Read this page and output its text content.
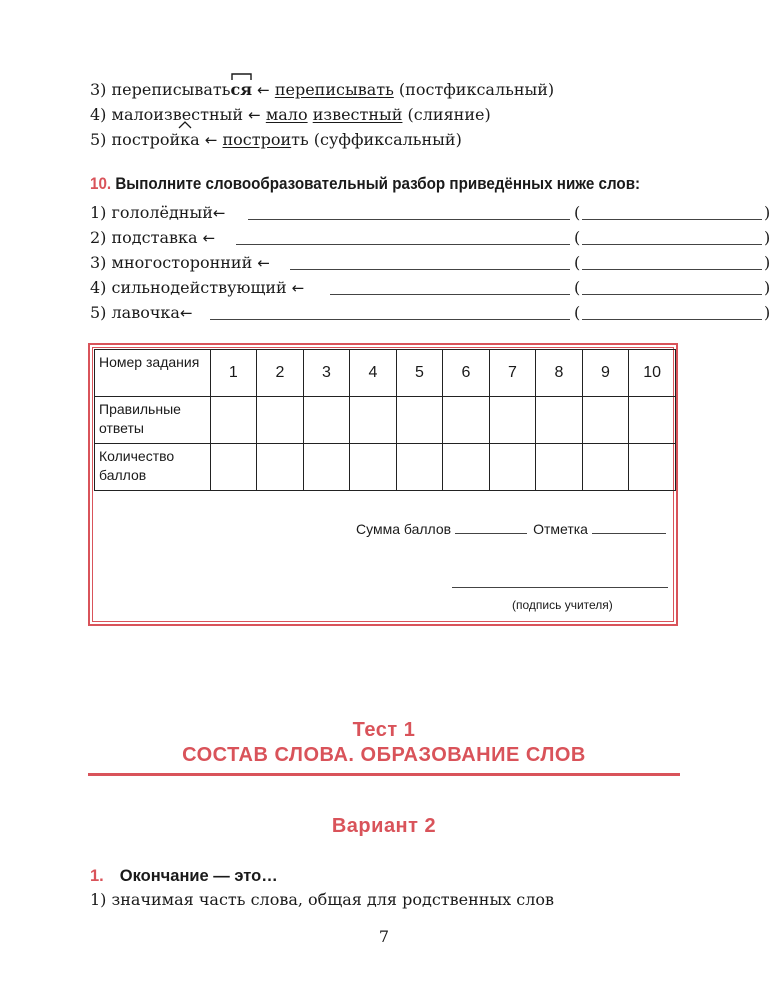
3) переписывать
ся ← переписывать (постфиксальный)
4) малоизвестный ← мало известный (слияние)
5) построй
ка ← построить (суффиксальный)
10. Выполните словообразовательный разбор приведённых ниже слов:
1) гололёдный←	(	)
2) подставка ←	(	)
3) многосторонний ←	(	)
4) сильнодействующий ←	(	)
5) лавочка←	(	)
Номер задания	1	2	3	4	5	6	7	8	9	10
Правильные ответы										
Количество баллов										
Сумма баллов	Отметка
(подпись учителя)
Тест 1
СОСТАВ СЛОВА. ОБРАЗОВАНИЕ СЛОВ
Вариант 2
1. Окончание — это…
1) значимая часть слова, общая для родственных слов
7
